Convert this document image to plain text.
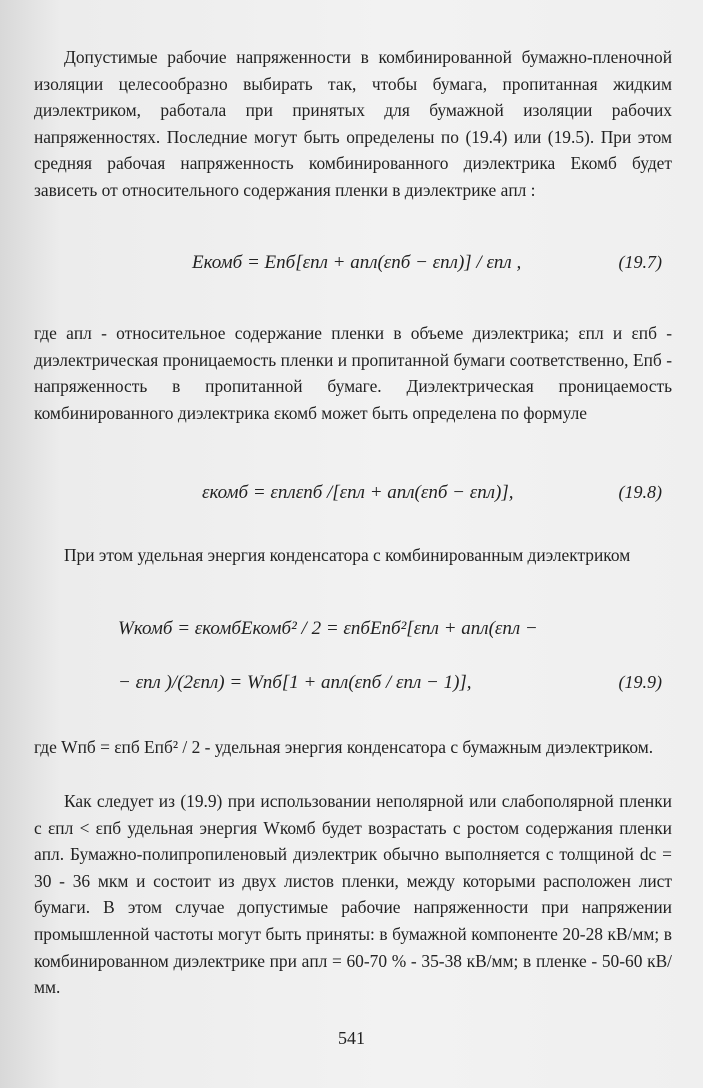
Допустимые рабочие напряженности в комбинированной бумажно-пленочной изоляции целесообразно выбирать так, чтобы бумага, пропитанная жидким диэлектриком, работала при принятых для бумажной изоляции рабочих напряженностях. Последние могут быть определены по (19.4) или (19.5). При этом средняя рабочая напряженность комбинированного диэлектрика Eкомб будет зависеть от относительного содержания пленки в диэлектрике aпл :

Eкомб = Eпб[εпл + aпл(εпб − εпл)] / εпл ,	(19.7)

где aпл - относительное содержание пленки в объеме диэлектрика; εпл и εпб - диэлектрическая проницаемость пленки и пропитанной бумаги соответственно, Eпб - напряженность в пропитанной бумаге. Диэлектрическая проницаемость комбинированного диэлектрика εкомб может быть определена по формуле

εкомб = εплεпб /[εпл + aпл(εпб − εпл)],	(19.8)

При этом удельная энергия конденсатора с комбинированным диэлектриком

Wкомб = εкомбEкомб² / 2 = εпбEпб²[εпл + aпл(εпл −
− εпл )/(2εпл) = Wпб[1 + aпл(εпб / εпл − 1)],	(19.9)

где Wпб = εпб Eпб² / 2 - удельная энергия конденсатора с бумажным диэлектриком.

Как следует из (19.9) при использовании неполярной или слабополярной пленки с εпл < εпб удельная энергия Wкомб будет возрастать с ростом содержания пленки aпл. Бумажно-полипропиленовый диэлектрик обычно выполняется с толщиной dc = 30 - 36 мкм и состоит из двух листов пленки, между которыми расположен лист бумаги. В этом случае допустимые рабочие напряженности при напряжении промышленной частоты могут быть приняты: в бумажной компоненте 20-28 кВ/мм; в комбинированном диэлектрике при aпл = 60-70 % - 35-38 кВ/мм; в пленке - 50-60 кВ/мм.

541
